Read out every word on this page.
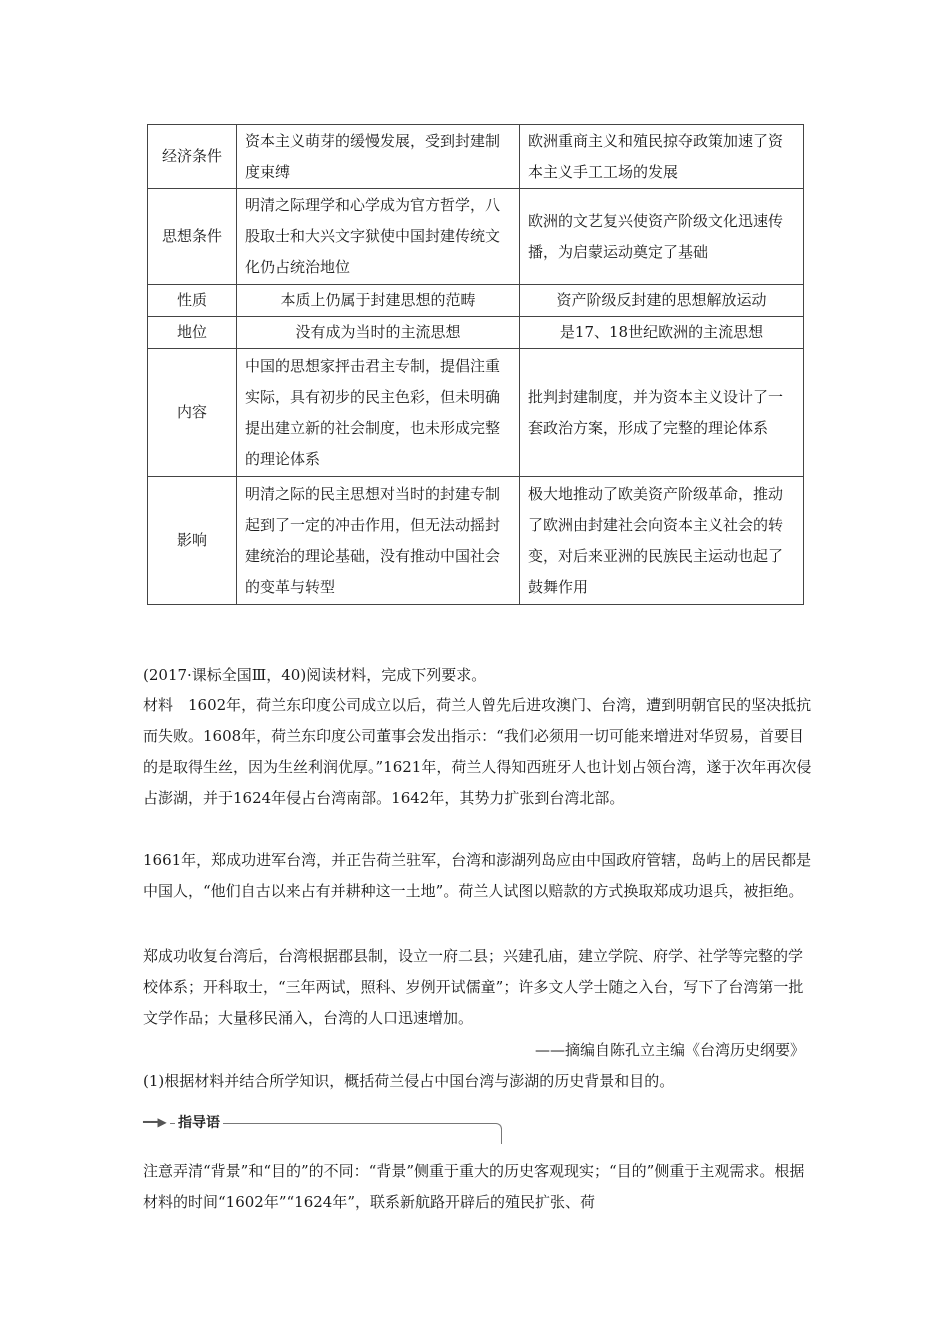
经济条件	资本主义萌芽的缓慢发展，受到封建制度束缚	欧洲重商主义和殖民掠夺政策加速了资本主义手工工场的发展
思想条件	明清之际理学和心学成为官方哲学，八股取士和大兴文字狱使中国封建传统文化仍占统治地位	欧洲的文艺复兴使资产阶级文化迅速传播，为启蒙运动奠定了基础
性质	本质上仍属于封建思想的范畴	资产阶级反封建的思想解放运动
地位	没有成为当时的主流思想	是17、18世纪欧洲的主流思想
内容	中国的思想家抨击君主专制，提倡注重实际，具有初步的民主色彩，但未明确提出建立新的社会制度，也未形成完整的理论体系	批判封建制度，并为资本主义设计了一套政治方案，形成了完整的理论体系
影响	明清之际的民主思想对当时的封建专制起到了一定的冲击作用，但无法动摇封建统治的理论基础，没有推动中国社会的变革与转型	极大地推动了欧美资产阶级革命，推动了欧洲由封建社会向资本主义社会的转变，对后来亚洲的民族民主运动也起了鼓舞作用
(2017·课标全国Ⅲ，40)阅读材料，完成下列要求。
材料　1602年，荷兰东印度公司成立以后，荷兰人曾先后进攻澳门、台湾，遭到明朝官民的坚决抵抗而失败。1608年，荷兰东印度公司董事会发出指示：“我们必须用一切可能来增进对华贸易，首要目的是取得生丝，因为生丝利润优厚。”1621年，荷兰人得知西班牙人也计划占领台湾，遂于次年再次侵占澎湖，并于1624年侵占台湾南部。1642年，其势力扩张到台湾北部。
1661年，郑成功进军台湾，并正告荷兰驻军，台湾和澎湖列岛应由中国政府管辖，岛屿上的居民都是中国人，“他们自古以来占有并耕种这一土地”。荷兰人试图以赔款的方式换取郑成功退兵，被拒绝。
郑成功收复台湾后，台湾根据郡县制，设立一府二县；兴建孔庙，建立学院、府学、社学等完整的学校体系；开科取士，“三年两试，照科、岁例开试儒童”；许多文人学士随之入台，写下了台湾第一批文学作品；大量移民涌入，台湾的人口迅速增加。
——摘编自陈孔立主编《台湾历史纲要》
(1)根据材料并结合所学知识，概括荷兰侵占中国台湾与澎湖的历史背景和目的。
━━▶ 指导语
注意弄清“背景”和“目的”的不同：“背景”侧重于重大的历史客观现实；“目的”侧重于主观需求。根据材料的时间“1602年”“1624年”，联系新航路开辟后的殖民扩张、荷
